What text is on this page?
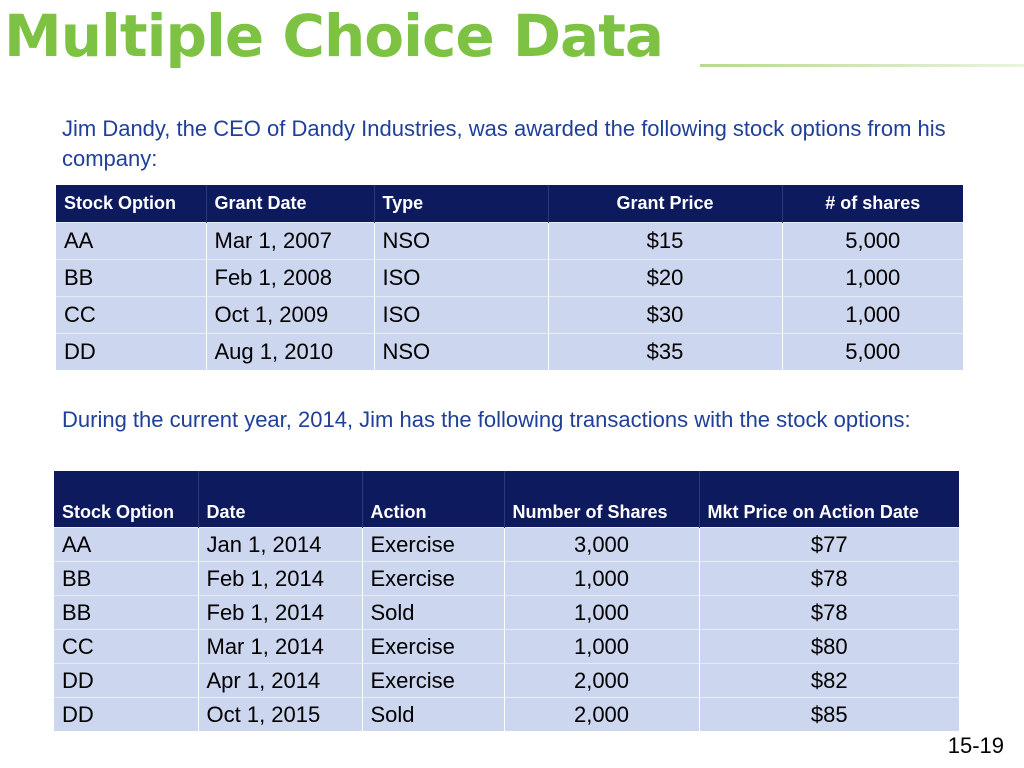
Multiple Choice Data

Jim Dandy, the CEO of Dandy Industries, was awarded the following stock options from his company:

Stock Option	Grant Date	Type	Grant Price	# of shares
AA	Mar 1, 2007	NSO	$15	5,000
BB	Feb 1, 2008	ISO	$20	1,000
CC	Oct 1, 2009	ISO	$30	1,000
DD	Aug 1, 2010	NSO	$35	5,000

During the current year, 2014, Jim has the following transactions with the stock options:

Stock Option	Date	Action	Number of Shares	Mkt Price on Action Date
AA	Jan 1, 2014	Exercise	3,000	$77
BB	Feb 1, 2014	Exercise	1,000	$78
BB	Feb 1, 2014	Sold	1,000	$78
CC	Mar 1, 2014	Exercise	1,000	$80
DD	Apr 1, 2014	Exercise	2,000	$82
DD	Oct 1, 2015	Sold	2,000	$85
15-19
